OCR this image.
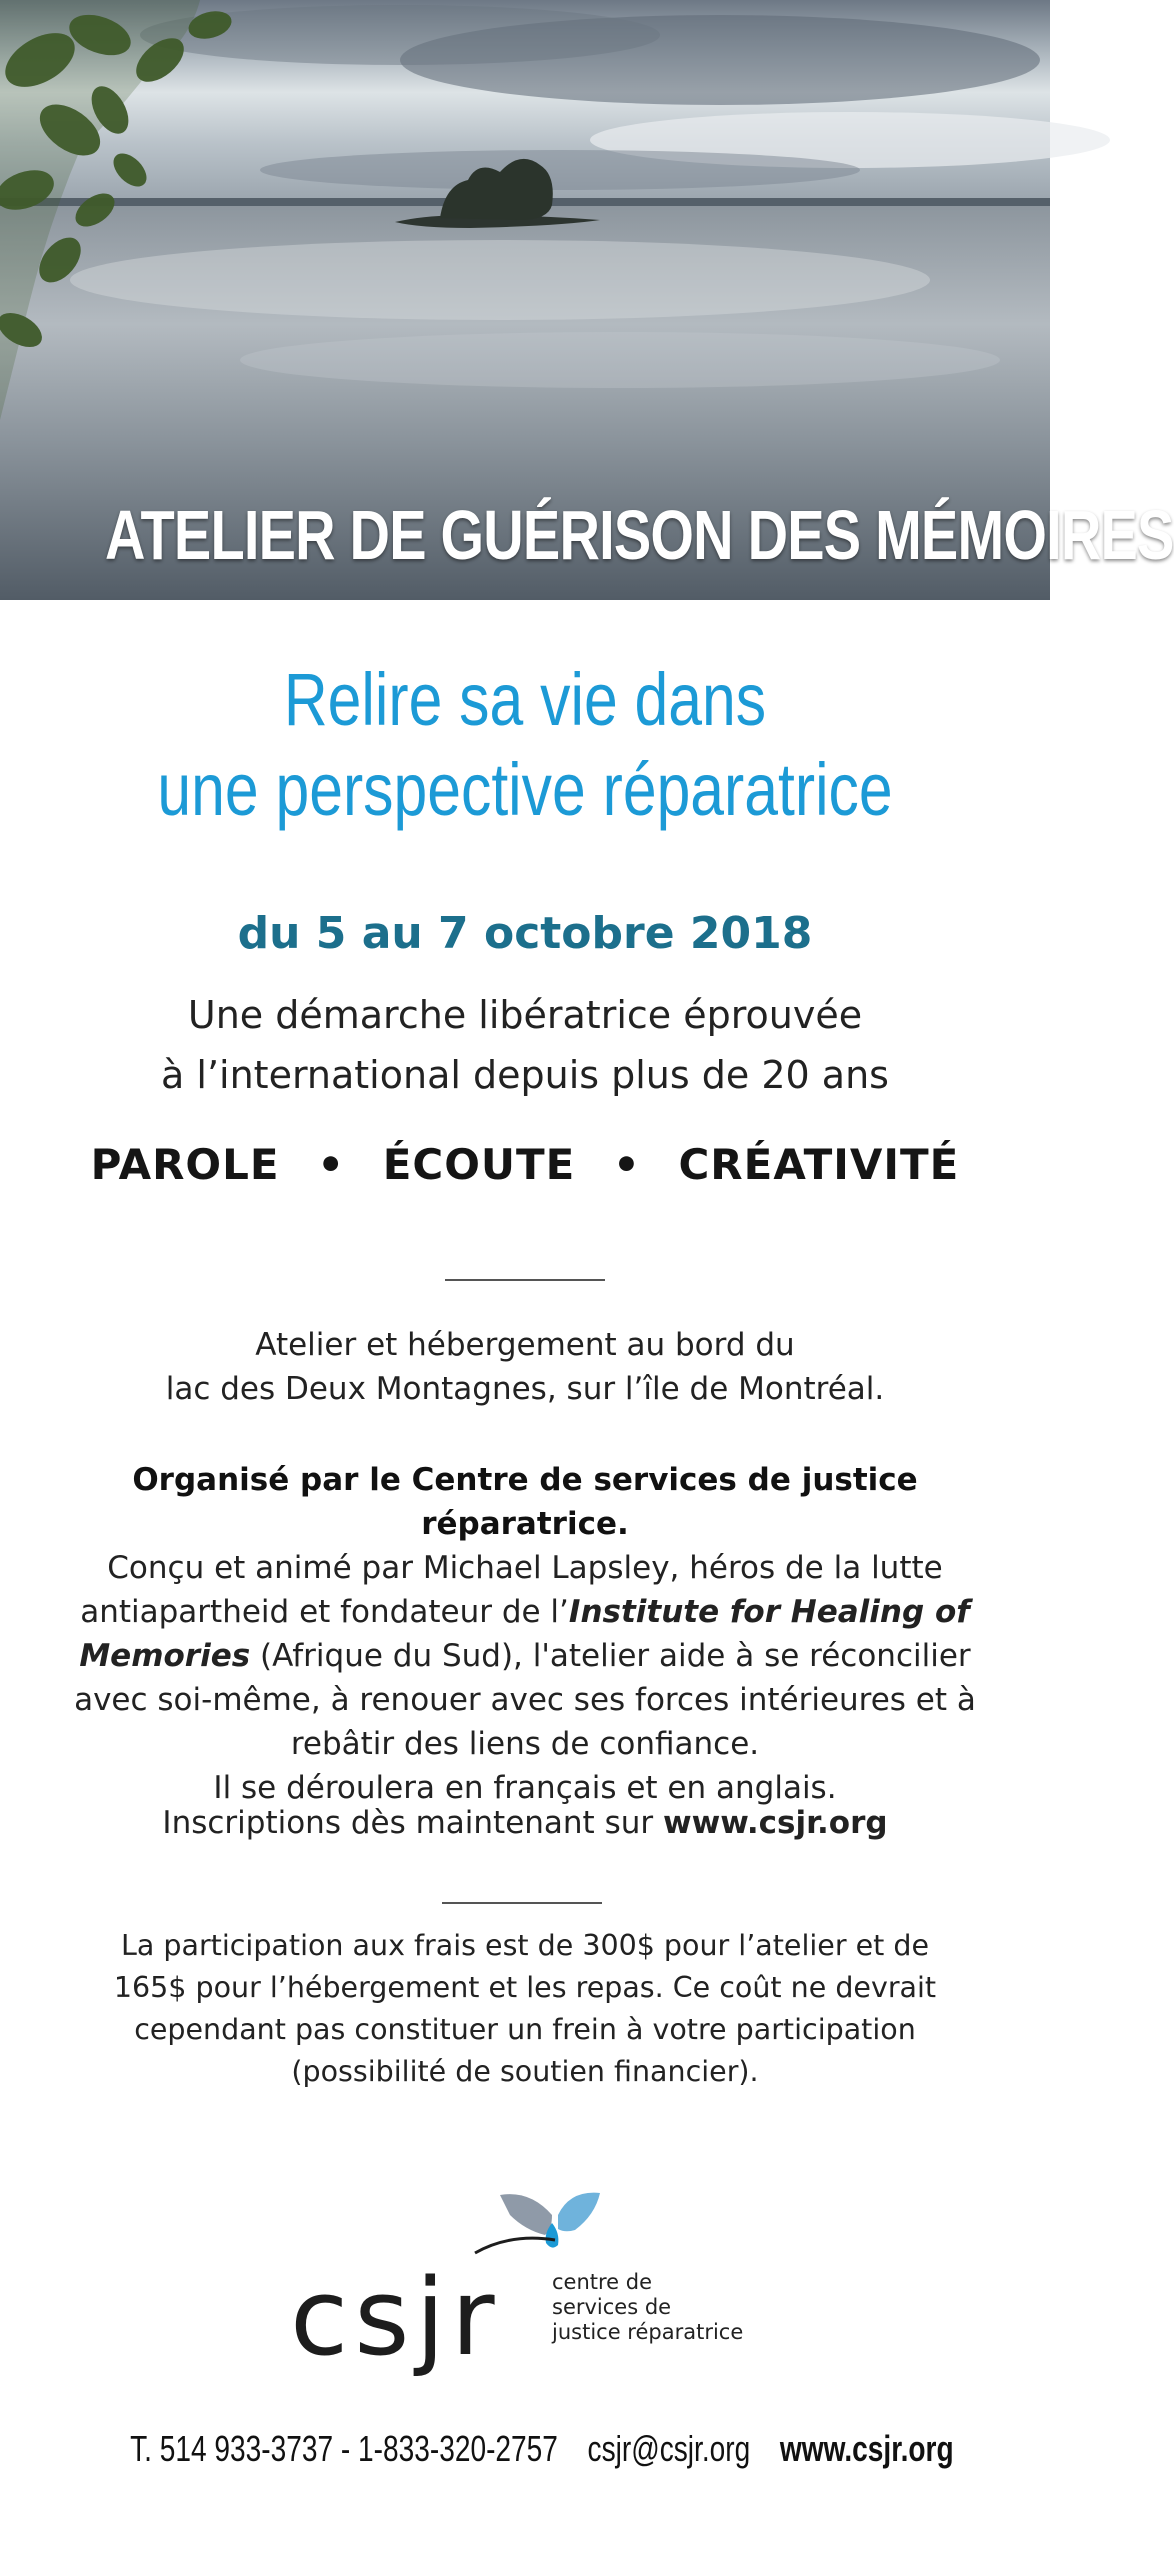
ATELIER DE GUÉRISON DES MÉMOIRES
Relire sa vie dans
une perspective réparatrice
du 5 au 7 octobre 2018
Une démarche libératrice éprouvée
à l’international depuis plus de 20 ans
PAROLE • ÉCOUTE • CRÉATIVITÉ
Atelier et hébergement au bord du
lac des Deux Montagnes, sur l’île de Montréal.
Organisé par le Centre de services de justice réparatrice.
Conçu et animé par Michael Lapsley, héros de la lutte antiapartheid et fondateur de l’Institute for Healing of Memories (Afrique du Sud), l'atelier aide à se réconcilier avec soi-même, à renouer avec ses forces intérieures et à rebâtir des liens de confiance.
Il se déroulera en français et en anglais.
Inscriptions dès maintenant sur www.csjr.org
La participation aux frais est de 300$ pour l’atelier et de 165$ pour l’hébergement et les repas. Ce coût ne devrait cependant pas constituer un frein à votre participation (possibilité de soutien financier).
csjr centre de
services de
justice réparatrice
T. 514 933-3737 - 1-833-320-2757 csjr@csjr.org www.csjr.org
